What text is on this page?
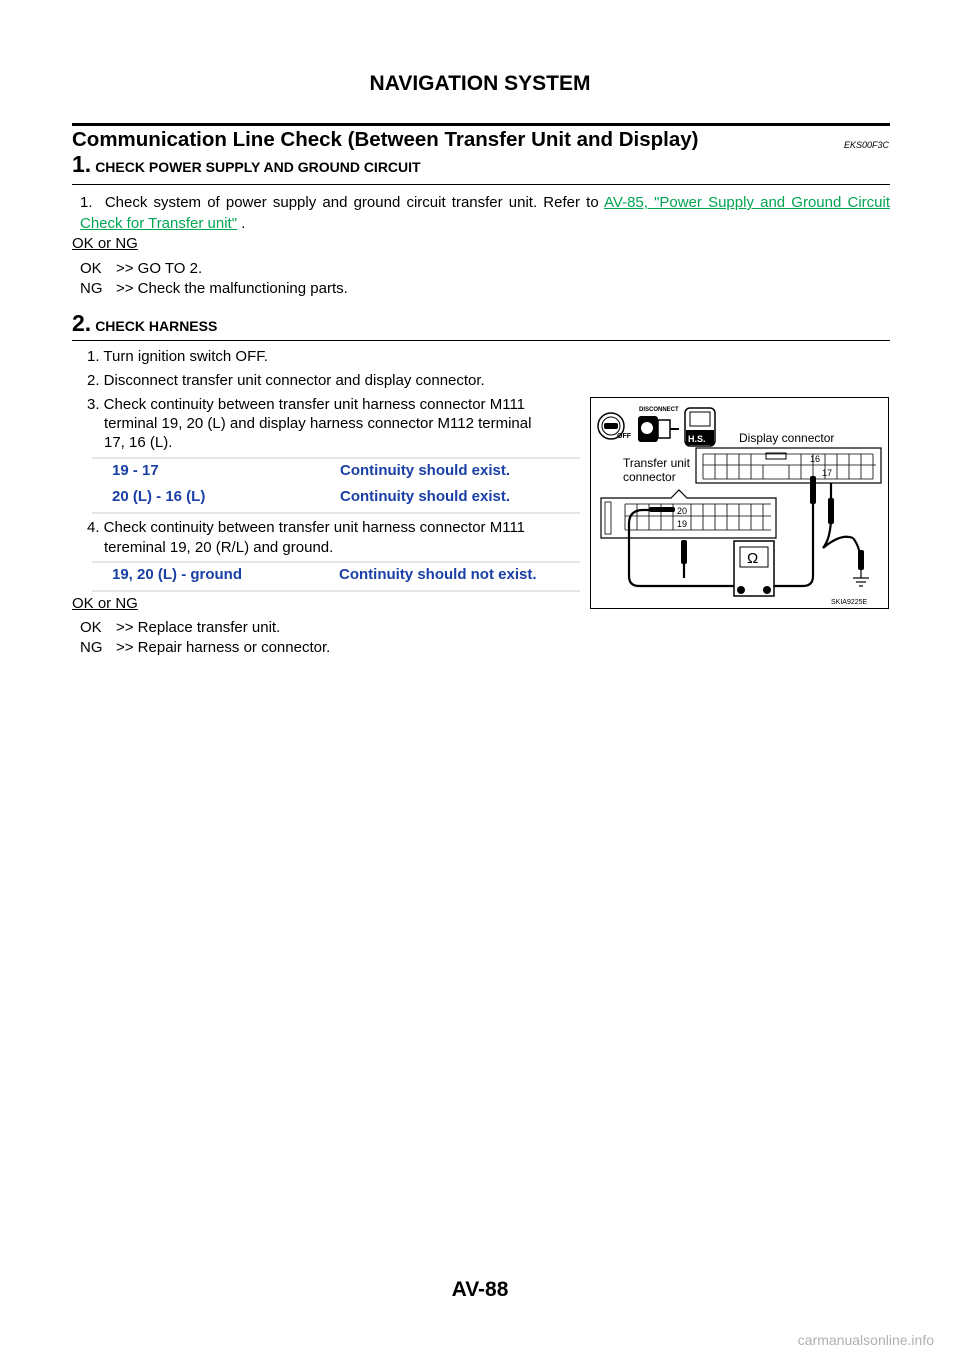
NAVIGATION SYSTEM
Communication Line Check (Between Transfer Unit and Display)	EKS00F3C
1. CHECK POWER SUPPLY AND GROUND CIRCUIT
1. Check system of power supply and ground circuit transfer unit. Refer to AV-85, "Power Supply and Ground Circuit Check for Transfer unit" .
OK or NG
OK >> GO TO 2.
NG >> Check the malfunctioning parts.
2. CHECK HARNESS
1. Turn ignition switch OFF.
2. Disconnect transfer unit connector and display connector.
3. Check continuity between transfer unit harness connector M111
terminal 19, 20 (L) and display harness connector M112 terminal
17, 16 (L).
19 - 17	Continuity should exist.
20 (L) - 16 (L)	Continuity should exist.
4. Check continuity between transfer unit harness connector M111
tereminal 19, 20 (R/L) and ground.
19, 20 (L) - ground	Continuity should not exist.
OK or NG
OK >> Replace transfer unit.
NG >> Repair harness or connector.
OFF
DISCONNECT
H.S.	Display connector
Transfer unit
connector
16
17
20
19
Ω
SKIA9225E
AV-88
carmanualsonline.info
